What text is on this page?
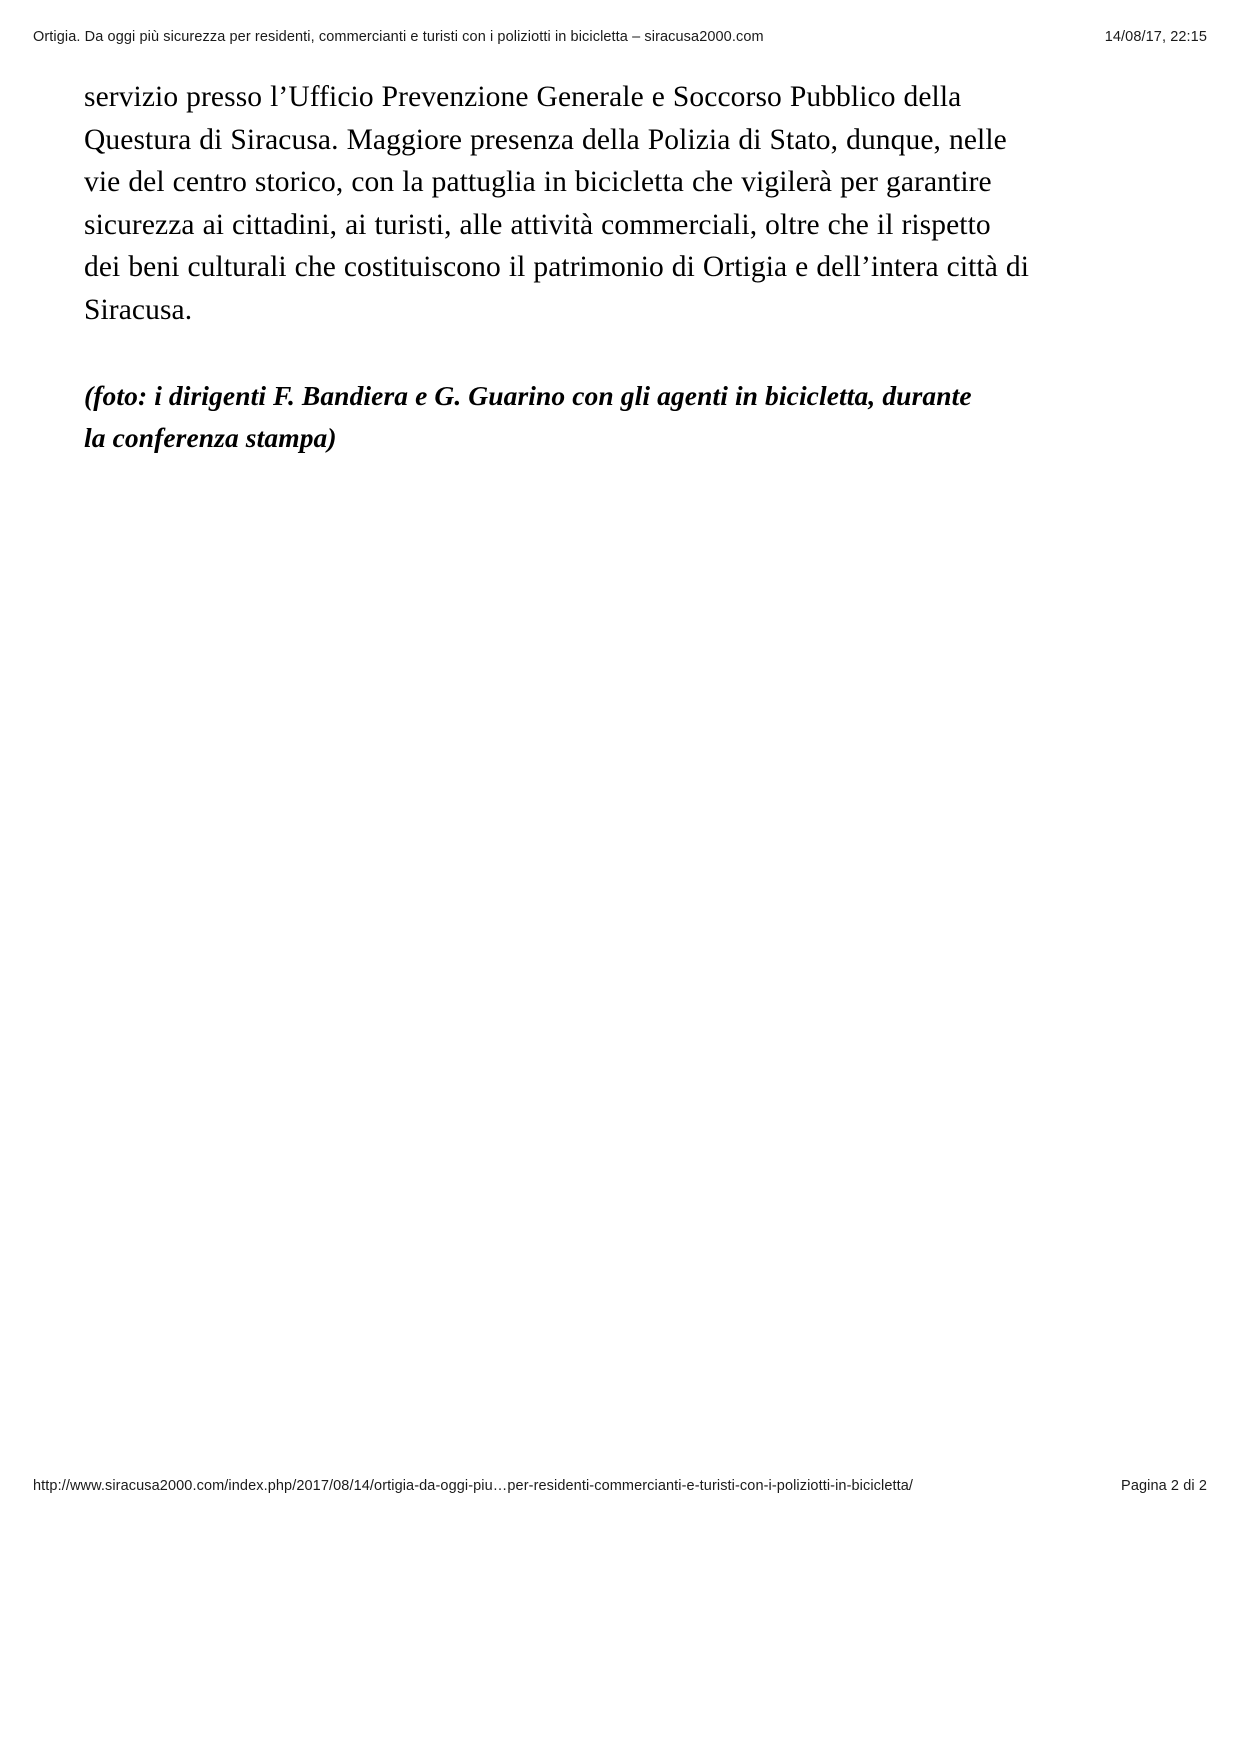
Ortigia. Da oggi più sicurezza per residenti, commercianti e turisti con i poliziotti in bicicletta – siracusa2000.com	14/08/17, 22:15

servizio presso l’Ufficio Prevenzione Generale e Soccorso Pubblico della Questura di Siracusa. Maggiore presenza della Polizia di Stato, dunque, nelle vie del centro storico, con la pattuglia in bicicletta che vigilerà per garantire sicurezza ai cittadini, ai turisti, alle attività commerciali, oltre che il rispetto dei beni culturali che costituiscono il patrimonio di Ortigia e dell’intera città di Siracusa.

(foto: i dirigenti F. Bandiera e G. Guarino con gli agenti in bicicletta, durante la conferenza stampa)

http://www.siracusa2000.com/index.php/2017/08/14/ortigia-da-oggi-piu…per-residenti-commercianti-e-turisti-con-i-poliziotti-in-bicicletta/	Pagina 2 di 2
